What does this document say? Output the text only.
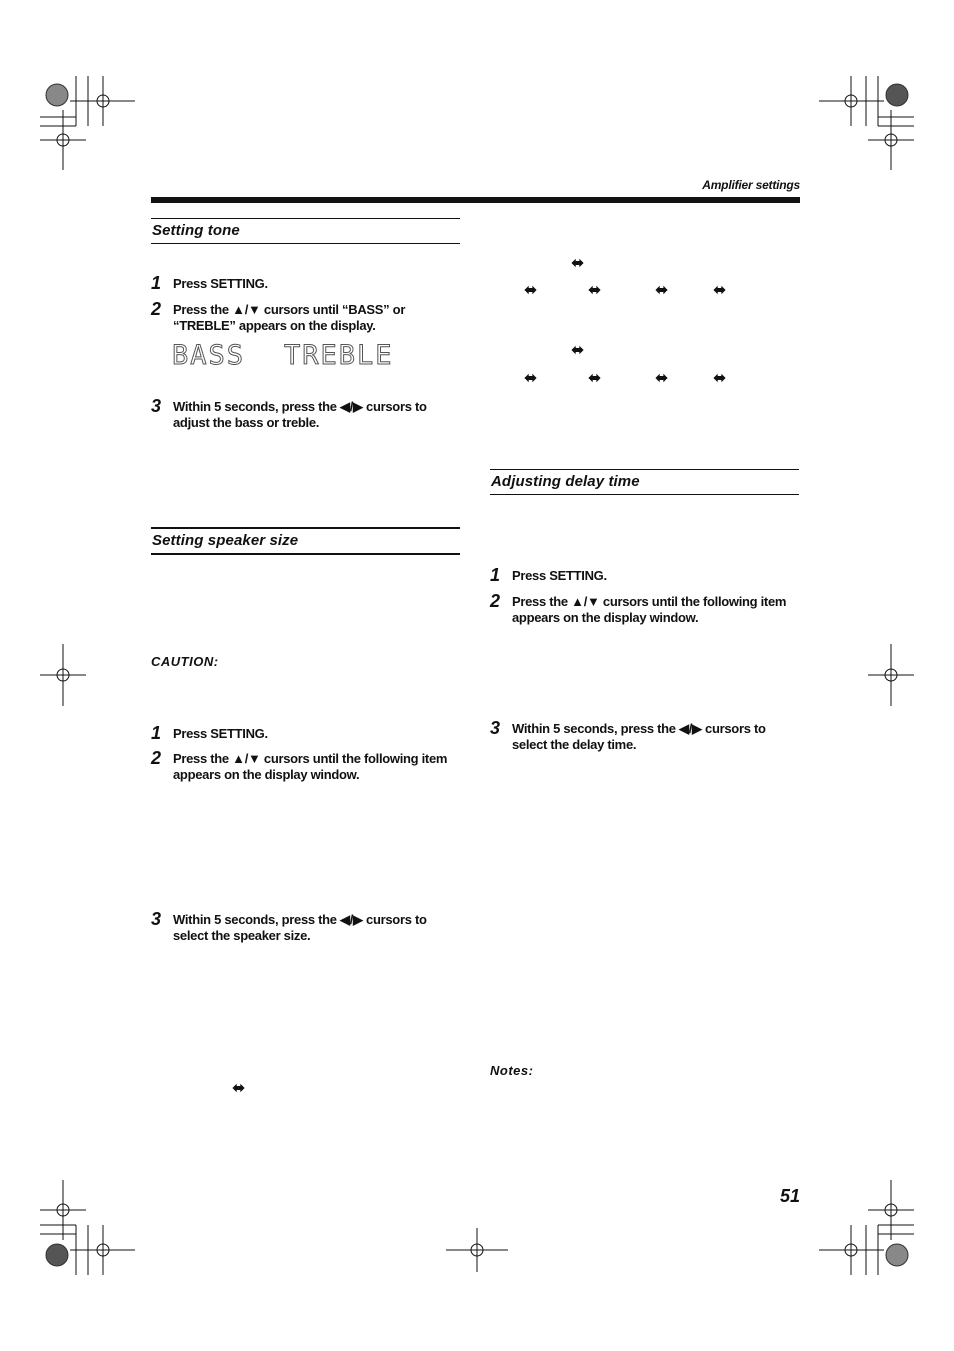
Amplifier settings
Setting tone
1 Press SETTING.
2 Press the ▲/▼ cursors until “BASS” or “TREBLE” appears on the display.
BASS TREBLE
3 Within 5 seconds, press the ◀/▶ cursors to adjust the bass or treble.
Setting speaker size
CAUTION:
1 Press SETTING.
2 Press the ▲/▼ cursors until the following item appears on the display window.
3 Within 5 seconds, press the ◀/▶ cursors to select the speaker size.
⬌
⬌
⬌	⬌	⬌	⬌
⬌
⬌	⬌	⬌	⬌
Adjusting delay time
1 Press SETTING.
2 Press the ▲/▼ cursors until the following item appears on the display window.
3 Within 5 seconds, press the ◀/▶ cursors to select the delay time.
Notes:
51
